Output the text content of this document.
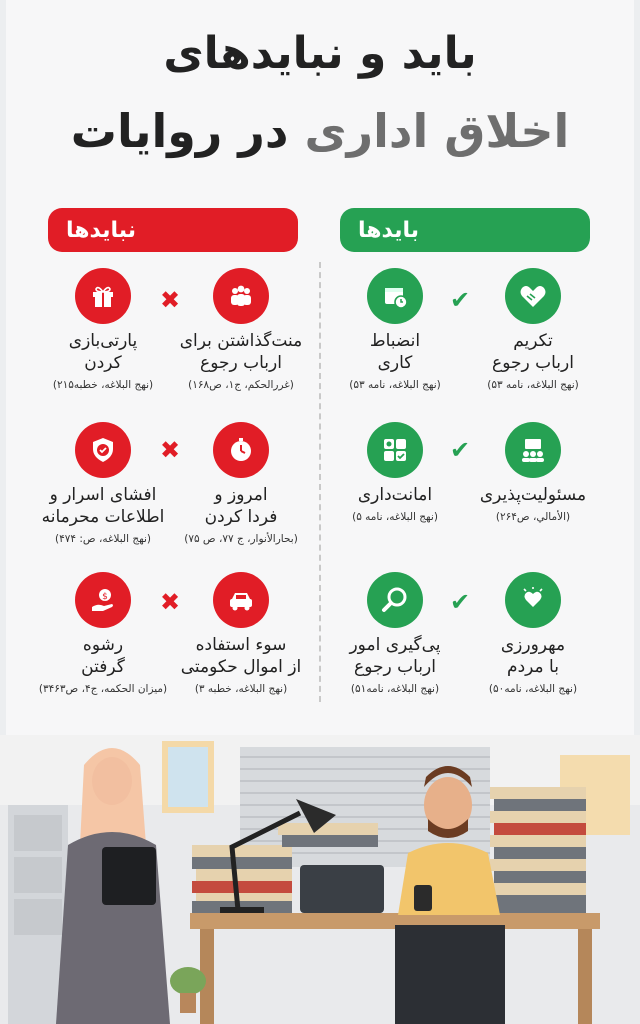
باید و نبایدهای
اخلاق اداری در روایات
بایدها
نبایدها
تکریم
ارباب رجوع
(نهج البلاغه، نامه ۵۳)
انضباط
کاری
(نهج البلاغه، نامه ۵۳)
مسئولیت‌پذیری
(الأمالي، ص۲۶۴)
امانت‌داری
(نهج البلاغه، نامه ۵)
مهرورزی
با مردم
(نهج البلاغه، نامه۵۰)
پی‌گیری امور
ارباب رجوع
(نهج البلاغه، نامه۵۱)
✔
✔
✔
منت‌گذاشتن برای
ارباب رجوع
(غررالحکم، ج۱، ص۱۶۸)
پارتی‌بازی
کردن
(نهج البلاغه، خطبه۲۱۵)
امروز و
فردا کردن
(بحارالأنوار، ج ۷۷، ص ۷۵)
افشای اسرار و
اطلاعات محرمانه
(نهج البلاغه، ص: ۴۷۴)
سوء استفاده
از اموال حکومتی
(نهج البلاغه، خطبه ۳)
$
رشوه
گرفتن
(میزان الحکمه، ج۴، ص۳۴۶۳)
✖
✖
✖
